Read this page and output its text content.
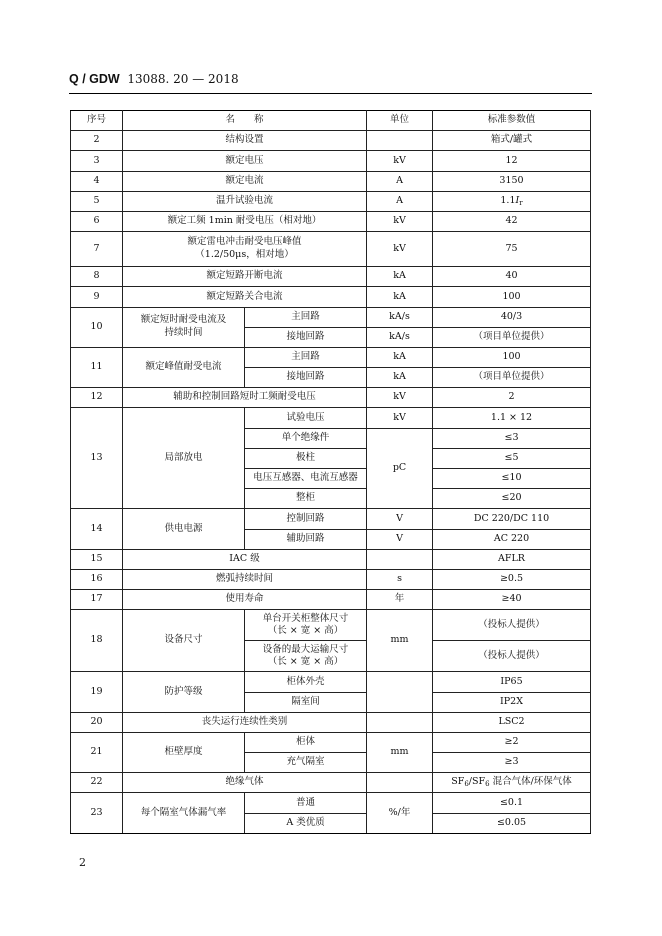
Q / GDW 13088. 20 — 2018
序号	名　　称		单位	标准参数值
2	结构设置			箱式/罐式
3	额定电压		kV	12
4	额定电流		A	3150
5	温升试验电流		A	$1.1I_r$
6	额定工频 1min 耐受电压（相对地）		kV	42
7	额定雷电冲击耐受电压峰值
（1.2/50μs，相对地）		kV	75
8	额定短路开断电流		kA	40
9	额定短路关合电流		kA	100
10	额定短时耐受电流及
持续时间	主回路	kA/s	40/3
		接地回路	kA/s	（项目单位提供）
11	额定峰值耐受电流	主回路	kA	100
		接地回路	kA	（项目单位提供）
12	辅助和控制回路短时工频耐受电压		kV	2
13	局部放电	试验电压	kV	1.1 × 12
		单个绝缘件	pC	≤3
		极柱		≤5
		电压互感器、电流互感器		≤10
		整柜		≤20
14	供电电源	控制回路	V	DC 220/DC 110
		辅助回路	V	AC 220
15	IAC 级			AFLR
16	燃弧持续时间		s	≥0.5
17	使用寿命		年	≥40
18	设备尺寸	单台开关柜整体尺寸
（长 × 宽 × 高）	mm	（投标人提供）

		设备的最大运输尺寸
（长 × 宽 × 高）		（投标人提供）
19	防护等级	柜体外壳		IP65
		隔室间		IP2X
20	丧失运行连续性类别			LSC2
21	柜壁厚度	柜体	mm	≥2
		充气隔室		≥3
22	绝缘气体			$SF_6/SF_6$ 混合气体/环保气体
23	每个隔室气体漏气率	普通	%/年	≤0.1
		A 类优质		≤0.05
2
